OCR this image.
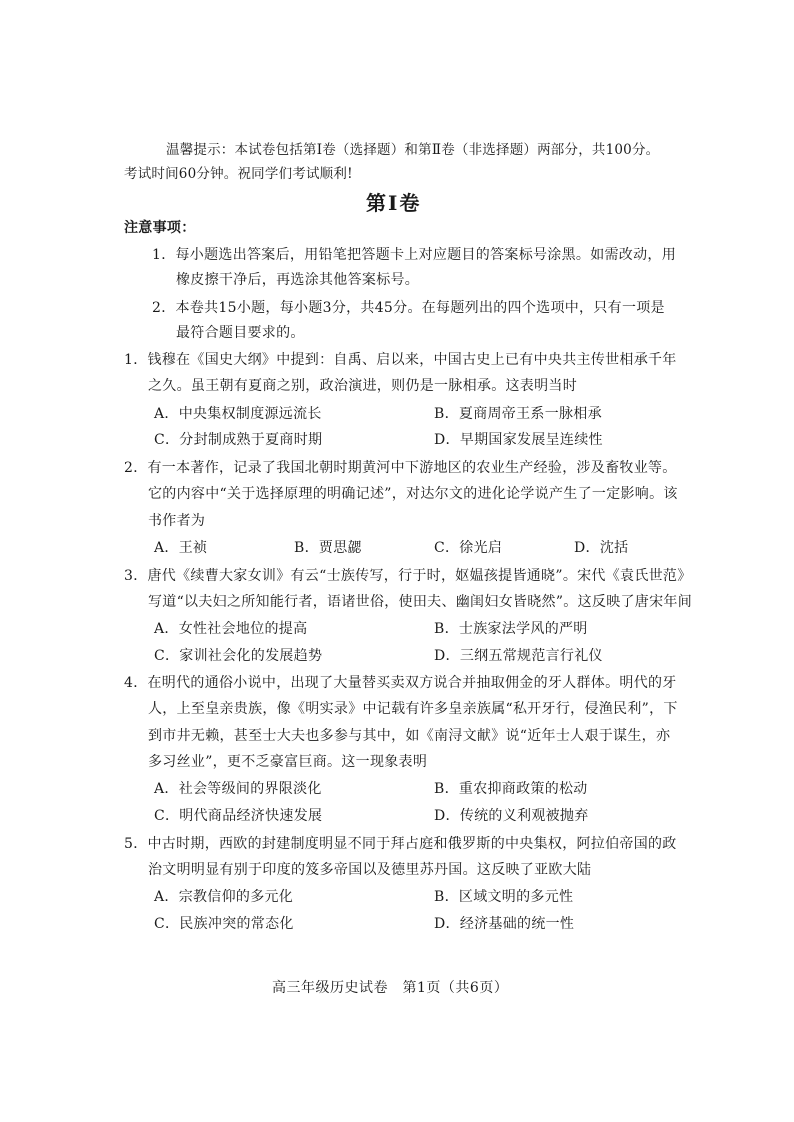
温馨提示：本试卷包括第Ⅰ卷（选择题）和第Ⅱ卷（非选择题）两部分，共100分。
考试时间60分钟。祝同学们考试顺利!
第Ⅰ卷
注意事项：
1．每小题选出答案后，用铅笔把答题卡上对应题目的答案标号涂黑。如需改动，用
橡皮擦干净后，再选涂其他答案标号。
2．本卷共15小题，每小题3分，共45分。在每题列出的四个选项中，只有一项是
最符合题目要求的。
1．钱穆在《国史大纲》中提到：自禹、启以来，中国古史上已有中央共主传世相承千年
之久。虽王朝有夏商之别，政治演进，则仍是一脉相承。这表明当时
A．中央集权制度源远流长	B．夏商周帝王系一脉相承
C．分封制成熟于夏商时期	D．早期国家发展呈连续性
2．有一本著作，记录了我国北朝时期黄河中下游地区的农业生产经验，涉及畜牧业等。
它的内容中“关于选择原理的明确记述”，对达尔文的进化论学说产生了一定影响。该
书作者为
A．王祯	B．贾思勰	C．徐光启	D．沈括
3．唐代《续曹大家女训》有云“士族传写，行于时，妪媪孩提皆通晓”。宋代《袁氏世范》
写道“以夫妇之所知能行者，语诸世俗，使田夫、幽闺妇女皆晓然”。这反映了唐宋年间
A．女性社会地位的提高	B．士族家法学风的严明
C．家训社会化的发展趋势	D．三纲五常规范言行礼仪
4．在明代的通俗小说中，出现了大量替买卖双方说合并抽取佣金的牙人群体。明代的牙
人，上至皇亲贵族，像《明实录》中记载有许多皇亲族属“私开牙行，侵渔民利”，下
到市井无赖，甚至士大夫也多参与其中，如《南浔文献》说“近年士人艰于谋生，亦
多习丝业”，更不乏豪富巨商。这一现象表明
A．社会等级间的界限淡化	B．重农抑商政策的松动
C．明代商品经济快速发展	D．传统的义利观被抛弃
5．中古时期，西欧的封建制度明显不同于拜占庭和俄罗斯的中央集权，阿拉伯帝国的政
治文明明显有别于印度的笈多帝国以及德里苏丹国。这反映了亚欧大陆
A．宗教信仰的多元化	B．区域文明的多元性
C．民族冲突的常态化	D．经济基础的统一性
高三年级历史试卷　第1页（共6页）
